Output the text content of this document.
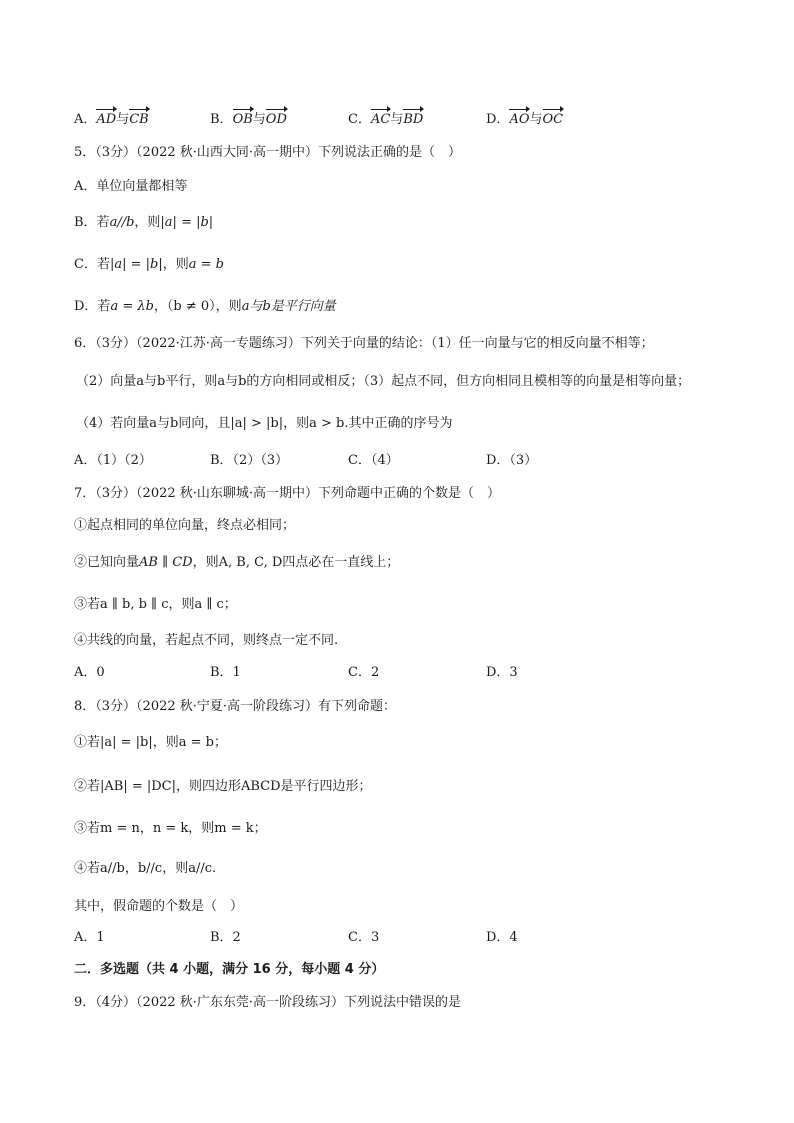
A．AD与CB	B．OB与OD	C．AC与BD	D．AO与OC
5．（3分）（2022 秋·山西大同·高一期中）下列说法正确的是（　）
A．单位向量都相等
B．若a//b，则|a| = |b|
C．若|a| = |b|，则a = b
D．若a = λb，（b ≠ 0），则a与b是平行向量
6．（3分）（2022·江苏·高一专题练习）下列关于向量的结论：（1）任一向量与它的相反向量不相等；
（2）向量a与b平行，则a与b的方向相同或相反；（3）起点不同，但方向相同且模相等的向量是相等向量；
（4）若向量a与b同向，且|a| > |b|，则a > b.其中正确的序号为
A．（1）（2）	B．（2）（3）	C．（4）	D．（3）
7．（3分）（2022 秋·山东聊城·高一期中）下列命题中正确的个数是（　）
①起点相同的单位向量，终点必相同；
②已知向量AB ∥ CD，则A, B, C, D四点必在一直线上；
③若a ∥ b, b ∥ c，则a ∥ c；
④共线的向量，若起点不同，则终点一定不同.
A．0	B．1	C．2	D．3
8．（3分）（2022 秋·宁夏·高一阶段练习）有下列命题：
①若|a| = |b|，则a = b；
②若|AB| = |DC|，则四边形ABCD是平行四边形；
③若m = n，n = k，则m = k；
④若a//b，b//c，则a//c.
其中，假命题的个数是（　）
A．1	B．2	C．3	D．4
二．多选题（共 4 小题，满分 16 分，每小题 4 分）
9．（4分）（2022 秋·广东东莞·高一阶段练习）下列说法中错误的是
